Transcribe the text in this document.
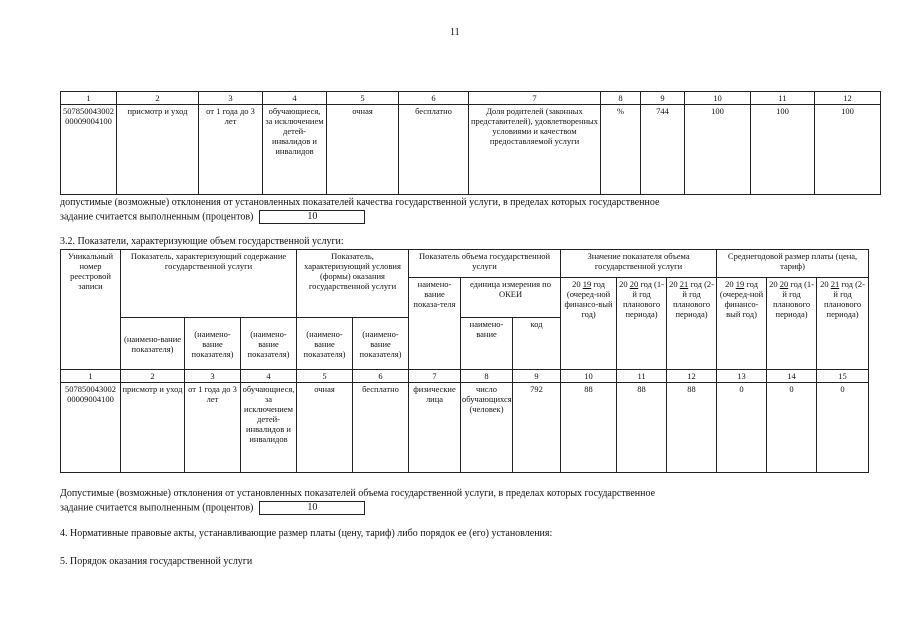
11
1	2	3	4	5	6	7	8	9	10	11	12
507850043002 00009004100	присмотр и уход	от 1 года до 3 лет	обучающиеся, за исключением детей-инвалидов и инвалидов	очная	бесплатно	Доля родителей (законных представителей), удовлетворенных условиями и качеством предоставляемой услуги	%	744	100	100	100
допустимые (возможные) отклонения от установленных показателей качества государственной услуги, в пределах которых государственное
задание считается выполненным (процентов)	10
3.2. Показатели, характеризующие объем государственной услуги:
Уникальный номер реестровой записи	Показатель, характеризующий содержание государственной услуги			Показатель, характеризующий условия (формы) оказания государственной услуги		Показатель объема государственной услуги			Значение показателя объема государственной услуги			Среднегодовой размер платы (цена, тариф)		
						наимено-вание показа-теля	единица измерения по ОКЕИ		20 19 год (очеред-ной финансо-вый год)	20 20 год (1-й год планового периода)	20 21 год (2-й год планового периода)	20 19 год (очеред-ной финансо-вый год)	20 20 год (1-й год планового периода)	20 21 год (2-й год планового периода)
	(наимено-вание показателя)	(наимено-вание показателя)	(наимено-вание показателя)	(наимено-вание показателя)	(наимено-вание показателя)		наимено-вание	код						
1	2	3	4	5	6	7	8	9	10	11	12	13	14	15
507850043002 00009004100	присмотр и уход	от 1 года до 3 лет	обучающиеся, за исключением детей-инвалидов и инвалидов	очная	бесплатно	физические лица	число обучающихся (человек)	792	88	88	88	0	0	0
Допустимые (возможные) отклонения от установленных показателей объема государственной услуги, в пределах которых государственное
задание считается выполненным (процентов)	10
4. Нормативные правовые акты, устанавливающие размер платы (цену, тариф) либо порядок ее (его) установления:
5. Порядок оказания государственной услуги
